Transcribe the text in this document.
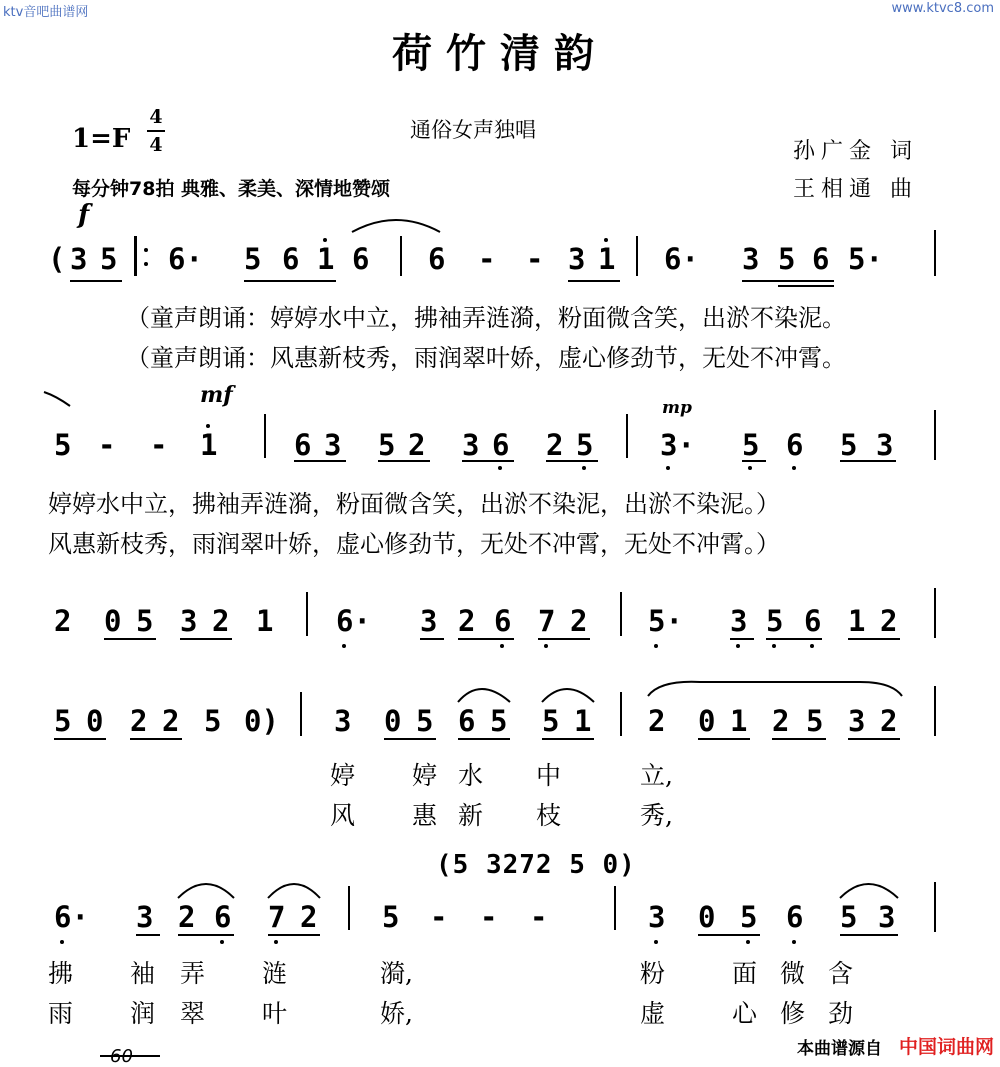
ktv音吧曲谱网	www.ktvc8.com
荷竹清韵
1=F
4
4
通俗女声独唱
孙广金 词
王相通 曲
每分钟78拍 典雅、柔美、深情地赞颂
f
( 3 5 6· 5 6 1 6 6 - - 3 1 6· 3 5 6 5·
（童声朗诵：婷婷水中立，拂袖弄涟漪，粉面微含笑，出淤不染泥。
（童声朗诵：风惠新枝秀，雨润翠叶娇，虚心修劲节，无处不冲霄。
mf	mp
5 - - 1	6 3 5 2 3 6 2 5 3· 5 6 5 3
婷婷水中立，拂袖弄涟漪，粉面微含笑，出淤不染泥，出淤不染泥。）
风惠新枝秀，雨润翠叶娇，虚心修劲节，无处不冲霄，无处不冲霄。）
2 0 5 3 2 1 6· 3 2 6 7 2 5· 3 5 6 1 2
5 0 2 2 5 0) 3 0 5 6 5 5 1 2 0 1 2 5 3 2
婷 婷 水 中	立,
风 惠 新 枝	秀,
(5 3272 5 0)
6· 3 2 6 7 2 5 - - -	3 0 5 6 5 3
拂 袖 弄 涟	漪,	粉	面 微 含
雨 润 翠 叶	娇,	虚	心 修 劲
60	本曲谱源自 中国词曲网
